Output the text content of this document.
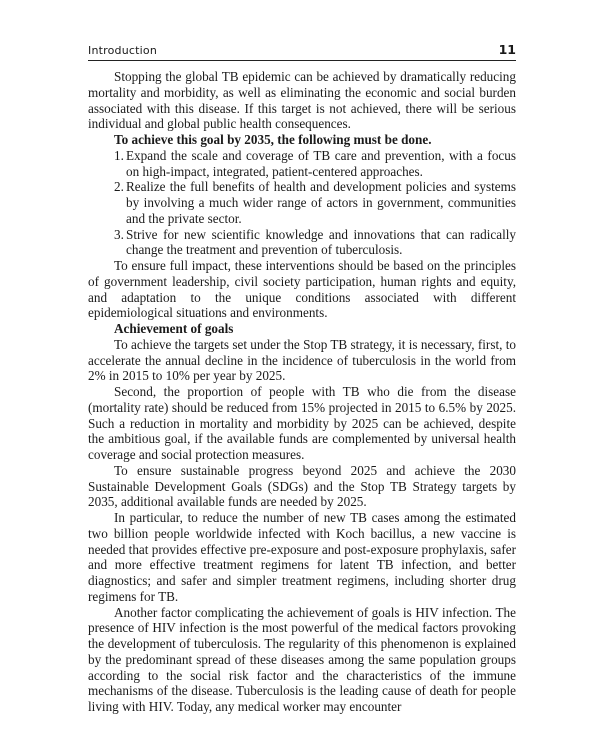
Introduction	11

Stopping the global TB epidemic can be achieved by dramatically reducing mortality and morbidity, as well as eliminating the economic and social burden associated with this disease. If this target is not achieved, there will be serious individual and global public health consequences.

To achieve this goal by 2035, the following must be done.

1. Expand the scale and coverage of TB care and prevention, with a focus on high-impact, integrated, patient-centered approaches.
2. Realize the full benefits of health and development policies and systems by involving a much wider range of actors in government, communities and the private sector.
3. Strive for new scientific knowledge and innovations that can radically change the treatment and prevention of tuberculosis.

To ensure full impact, these interventions should be based on the principles of government leadership, civil society participation, human rights and equity, and adaptation to the unique conditions associated with different epidemiological situations and environments.

Achievement of goals

To achieve the targets set under the Stop TB strategy, it is necessary, first, to accelerate the annual decline in the incidence of tuberculosis in the world from 2% in 2015 to 10% per year by 2025.

Second, the proportion of people with TB who die from the disease (mortality rate) should be reduced from 15% projected in 2015 to 6.5% by 2025. Such a reduction in mortality and morbidity by 2025 can be achieved, despite the ambitious goal, if the available funds are complemented by universal health coverage and social protection measures.

To ensure sustainable progress beyond 2025 and achieve the 2030 Sustainable Development Goals (SDGs) and the Stop TB Strategy targets by 2035, additional available funds are needed by 2025.

In particular, to reduce the number of new TB cases among the estimated two billion people worldwide infected with Koch bacillus, a new vaccine is needed that provides effective pre-exposure and post-exposure prophylaxis, safer and more effective treatment regimens for latent TB infection, and better diagnostics; and safer and simpler treatment regimens, including shorter drug regimens for TB.

Another factor complicating the achievement of goals is HIV infection. The presence of HIV infection is the most powerful of the medical factors provoking the development of tuberculosis. The regularity of this phenomenon is explained by the predominant spread of these diseases among the same population groups according to the social risk factor and the characteristics of the immune mechanisms of the disease. Tuberculosis is the leading cause of death for people living with HIV. Today, any medical worker may encounter
